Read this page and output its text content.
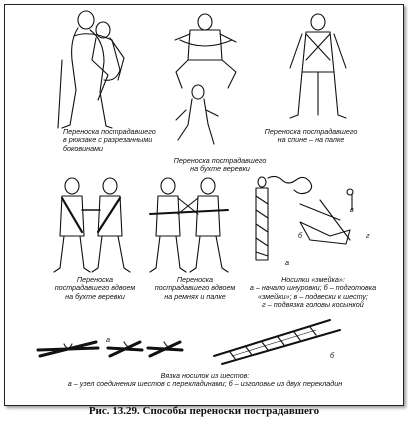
Переноска пострадавшего
в рюкзаке с разрезанными
боковинами
Переноска пострадавшего
на спине – на палке
Переноска пострадавшего
на бухте веревки
Переноска
пострадавшего вдвоем
на бухте веревки
Переноска
пострадавшего вдвоем
на ремнях и палке
Носилки «змейка»:
а – начало шнуровки; б – подготовка
«змейки»; в – подвески к шесту;
г – подвязка головы косынкой
Вязка носилок из шестов:
а – узел соединения шестов с перекладинами; б – изголовье из двух перекладин
а
б
в
г
а
б
Рис. 13.29. Способы переноски пострадавшего
